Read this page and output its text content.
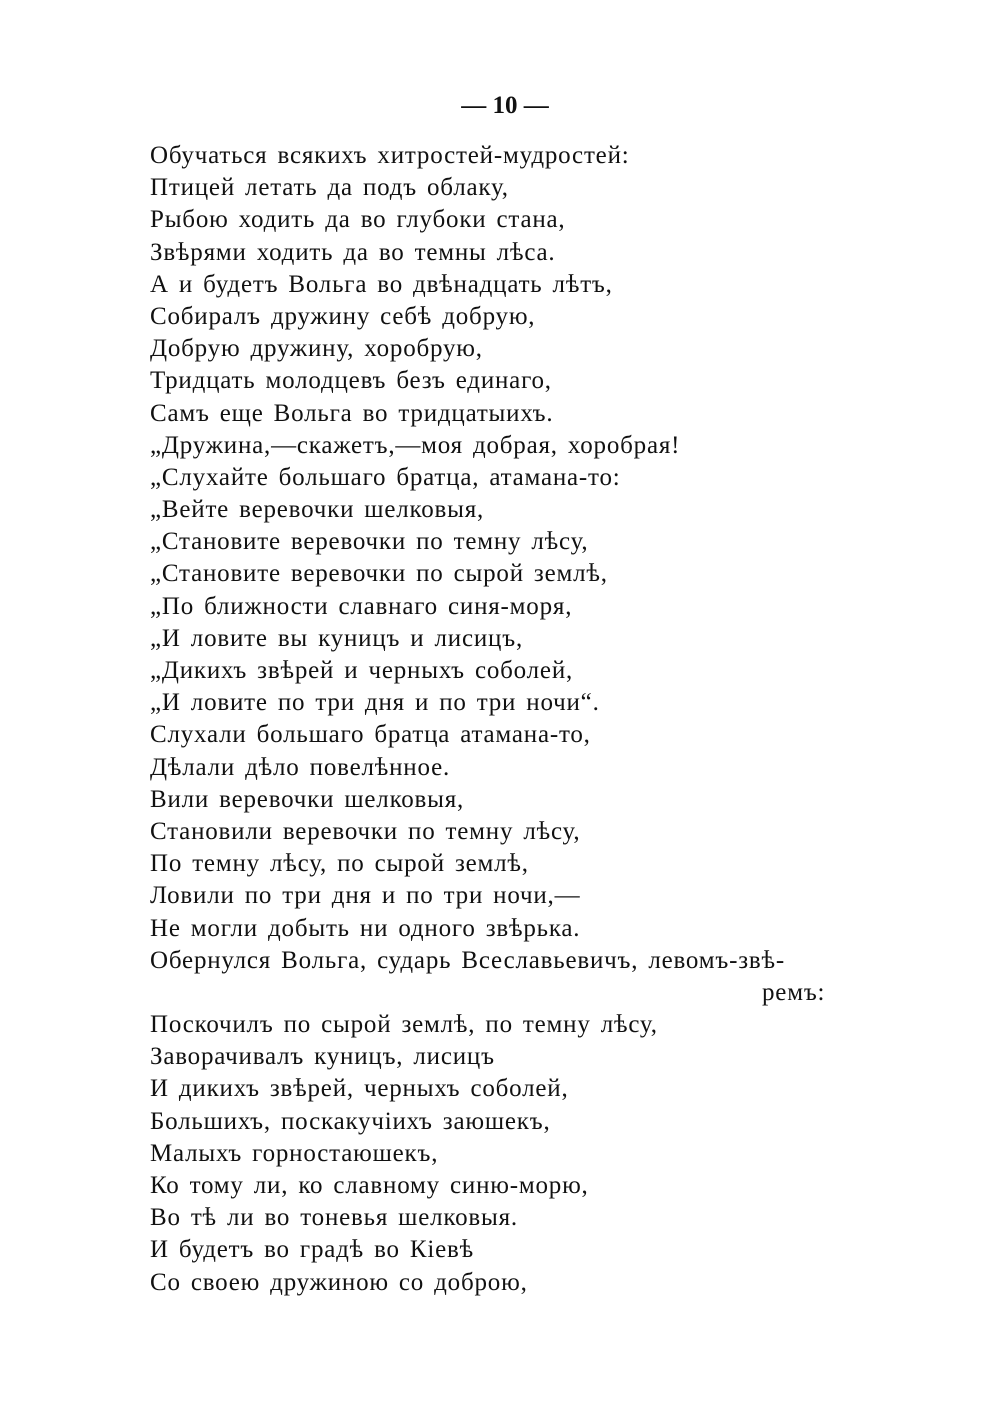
— 10 —
Обучаться всякихъ хитростей-мудростей:
Птицей летать да подъ облаку,
Рыбою ходить да во глубоки стана,
Звѣрями ходить да во темны лѣса.
А и будетъ Вольга во двѣнадцать лѣтъ,
Собиралъ дружину себѣ добрую,
Добрую дружину, хоробрую,
Тридцать молодцевъ безъ единаго,
Самъ еще Вольга во тридцатыихъ.
„Дружина,—скажетъ,—моя добрая, хоробрая!
„Слухайте большаго братца, атамана-то:
„Вейте веревочки шелковыя,
„Становите веревочки по темну лѣсу,
„Становите веревочки по сырой землѣ,
„По ближности славнаго синя-моря,
„И ловите вы куницъ и лисицъ,
„Дикихъ звѣрей и черныхъ соболей,
„И ловите по три дня и по три ночи“.
Слухали большаго братца атамана-то,
Дѣлали дѣло повелѣнное.
Вили веревочки шелковыя,
Становили веревочки по темну лѣсу,
По темну лѣсу, по сырой землѣ,
Ловили по три дня и по три ночи,—
Не могли добыть ни одного звѣрька.
Обернулся Вольга, сударь Всеславьевичъ, левомъ-звѣ-
ремъ:
Поскочилъ по сырой землѣ, по темну лѣсу,
Заворачивалъ куницъ, лисицъ
И дикихъ звѣрей, черныхъ соболей,
Большихъ, поскакучіихъ заюшекъ,
Малыхъ горностаюшекъ,
Ко тому ли, ко славному синю-морю,
Во тѣ ли во тоневья шелковыя.
И будетъ во градѣ во Кіевѣ
Со своею дружиною со доброю,
